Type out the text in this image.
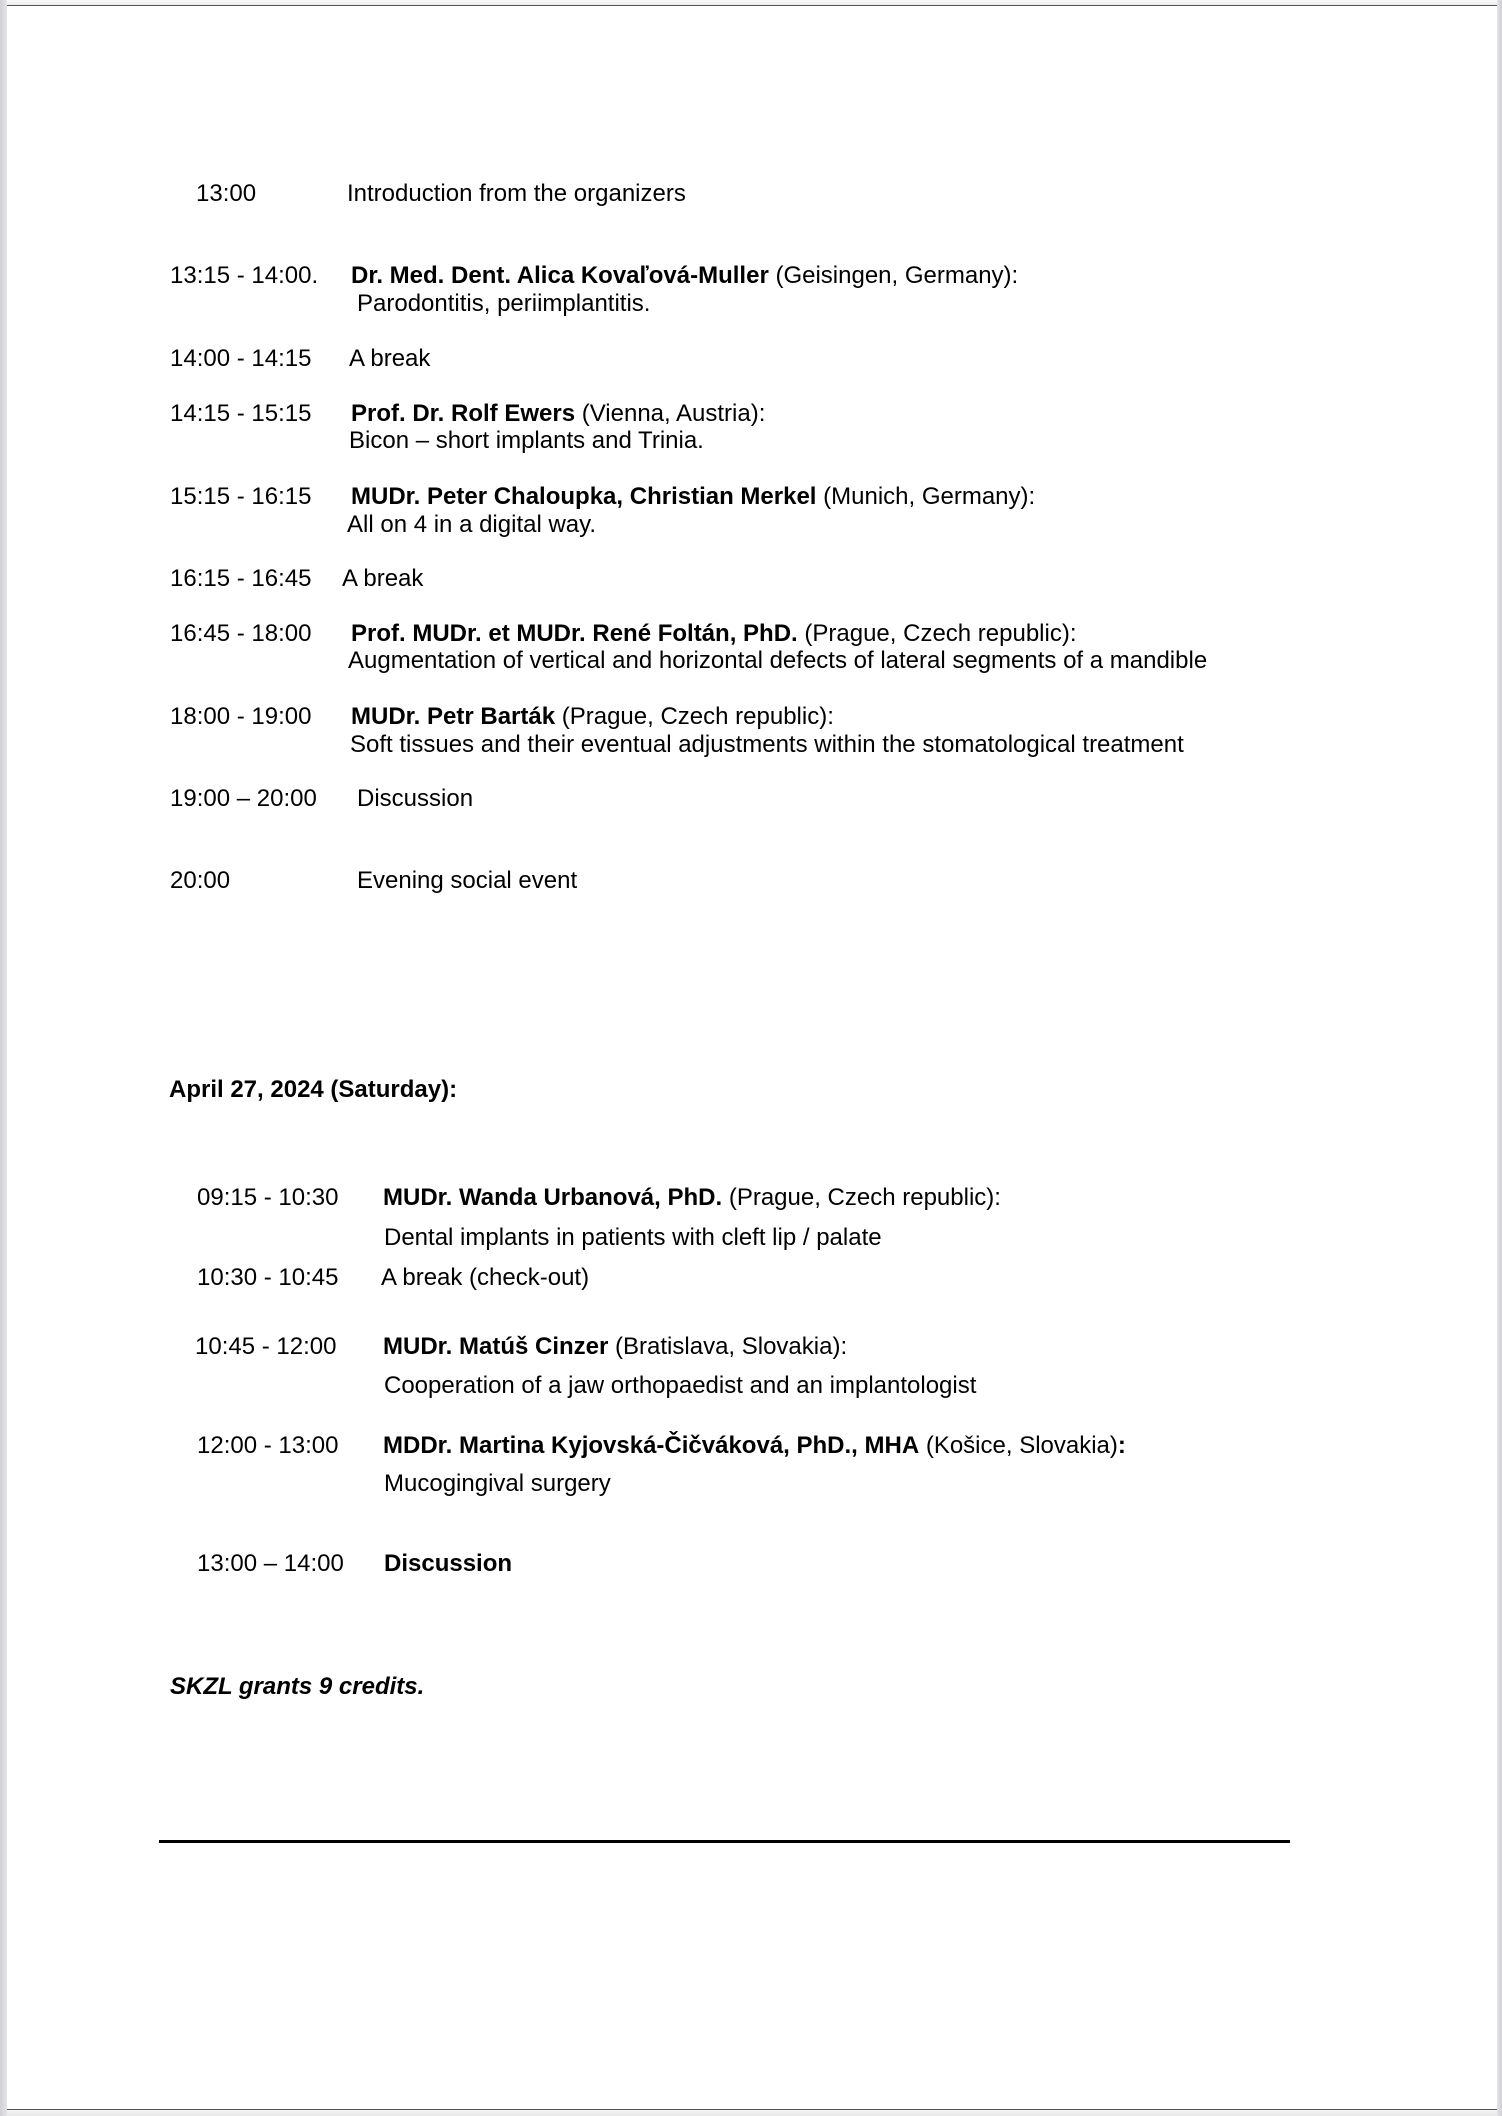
13:00	Introduction from the organizers
13:15 - 14:00. Dr. Med. Dent. Alica Kovaľová-Muller (Geisingen, Germany):
Parodontitis, periimplantitis.
14:00 - 14:15 A break
14:15 - 15:15 Prof. Dr. Rolf Ewers (Vienna, Austria):
Bicon – short implants and Trinia.
15:15 - 16:15 MUDr. Peter Chaloupka, Christian Merkel (Munich, Germany):
All on 4 in a digital way.
16:15 - 16:45 A break
16:45 - 18:00 Prof. MUDr. et MUDr. René Foltán, PhD. (Prague, Czech republic):
Augmentation of vertical and horizontal defects of lateral segments of a mandible
18:00 - 19:00 MUDr. Petr Barták (Prague, Czech republic):
Soft tissues and their eventual adjustments within the stomatological treatment
19:00 – 20:00 Discussion
20:00	Evening social event
April 27, 2024 (Saturday):
09:15 - 10:30 MUDr. Wanda Urbanová, PhD. (Prague, Czech republic):
Dental implants in patients with cleft lip / palate
10:30 - 10:45 A break (check-out)
10:45 - 12:00 MUDr. Matúš Cinzer (Bratislava, Slovakia):
Cooperation of a jaw orthopaedist and an implantologist
12:00 - 13:00 MDDr. Martina Kyjovská-Čičváková, PhD., MHA (Košice, Slovakia):
Mucogingival surgery
13:00 – 14:00 Discussion
SKZL grants 9 credits.
